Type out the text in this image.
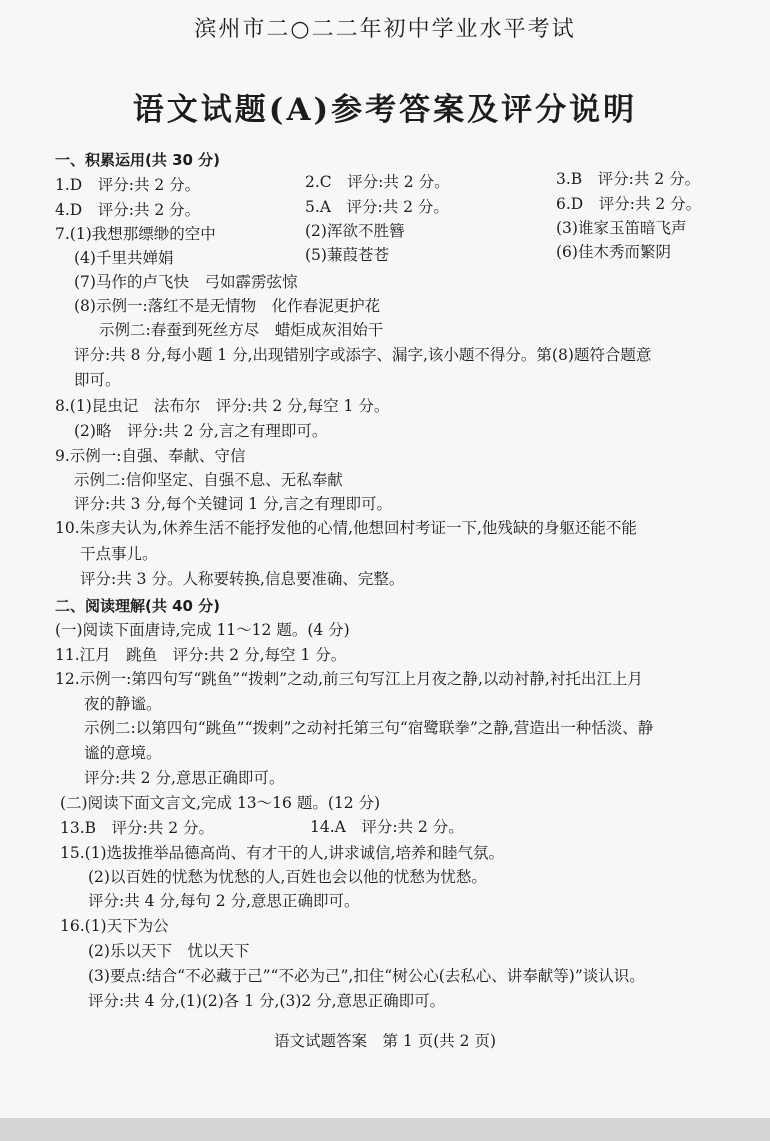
滨州市二○二二年初中学业水平考试
语文试题(A)参考答案及评分说明
一、积累运用(共 30 分)
1.D　评分:共 2 分。	2.C　评分:共 2 分。	3.B　评分:共 2 分。
4.D　评分:共 2 分。	5.A　评分:共 2 分。	6.D　评分:共 2 分。
7.(1)我想那缥缈的空中	(2)浑欲不胜簪	(3)谁家玉笛暗飞声
(4)千里共婵娟	(5)蒹葭苍苍	(6)佳木秀而繁阴
(7)马作的卢飞快　弓如霹雳弦惊
(8)示例一:落红不是无情物　化作春泥更护花
示例二:春蚕到死丝方尽　蜡炬成灰泪始干
评分:共 8 分,每小题 1 分,出现错别字或添字、漏字,该小题不得分。第(8)题符合题意
即可。
8.(1)昆虫记　法布尔　评分:共 2 分,每空 1 分。
(2)略　评分:共 2 分,言之有理即可。
9.示例一:自强、奉献、守信
示例二:信仰坚定、自强不息、无私奉献
评分:共 3 分,每个关键词 1 分,言之有理即可。
10.朱彦夫认为,休养生活不能抒发他的心情,他想回村考证一下,他残缺的身躯还能不能
干点事儿。
评分:共 3 分。人称要转换,信息要准确、完整。
二、阅读理解(共 40 分)
(一)阅读下面唐诗,完成 11～12 题。(4 分)
11.江月　跳鱼　评分:共 2 分,每空 1 分。
12.示例一:第四句写“跳鱼”“拨剌”之动,前三句写江上月夜之静,以动衬静,衬托出江上月
夜的静谧。
示例二:以第四句“跳鱼”“拨剌”之动衬托第三句“宿鹭联拳”之静,营造出一种恬淡、静
谧的意境。
评分:共 2 分,意思正确即可。
(二)阅读下面文言文,完成 13～16 题。(12 分)
13.B　评分:共 2 分。	14.A　评分:共 2 分。
15.(1)选拔推举品德高尚、有才干的人,讲求诚信,培养和睦气氛。
(2)以百姓的忧愁为忧愁的人,百姓也会以他的忧愁为忧愁。
评分:共 4 分,每句 2 分,意思正确即可。
16.(1)天下为公
(2)乐以天下　忧以天下
(3)要点:结合“不必藏于己”“不必为己”,扣住“树公心(去私心、讲奉献等)”谈认识。
评分:共 4 分,(1)(2)各 1 分,(3)2 分,意思正确即可。
语文试题答案　第 1 页(共 2 页)
